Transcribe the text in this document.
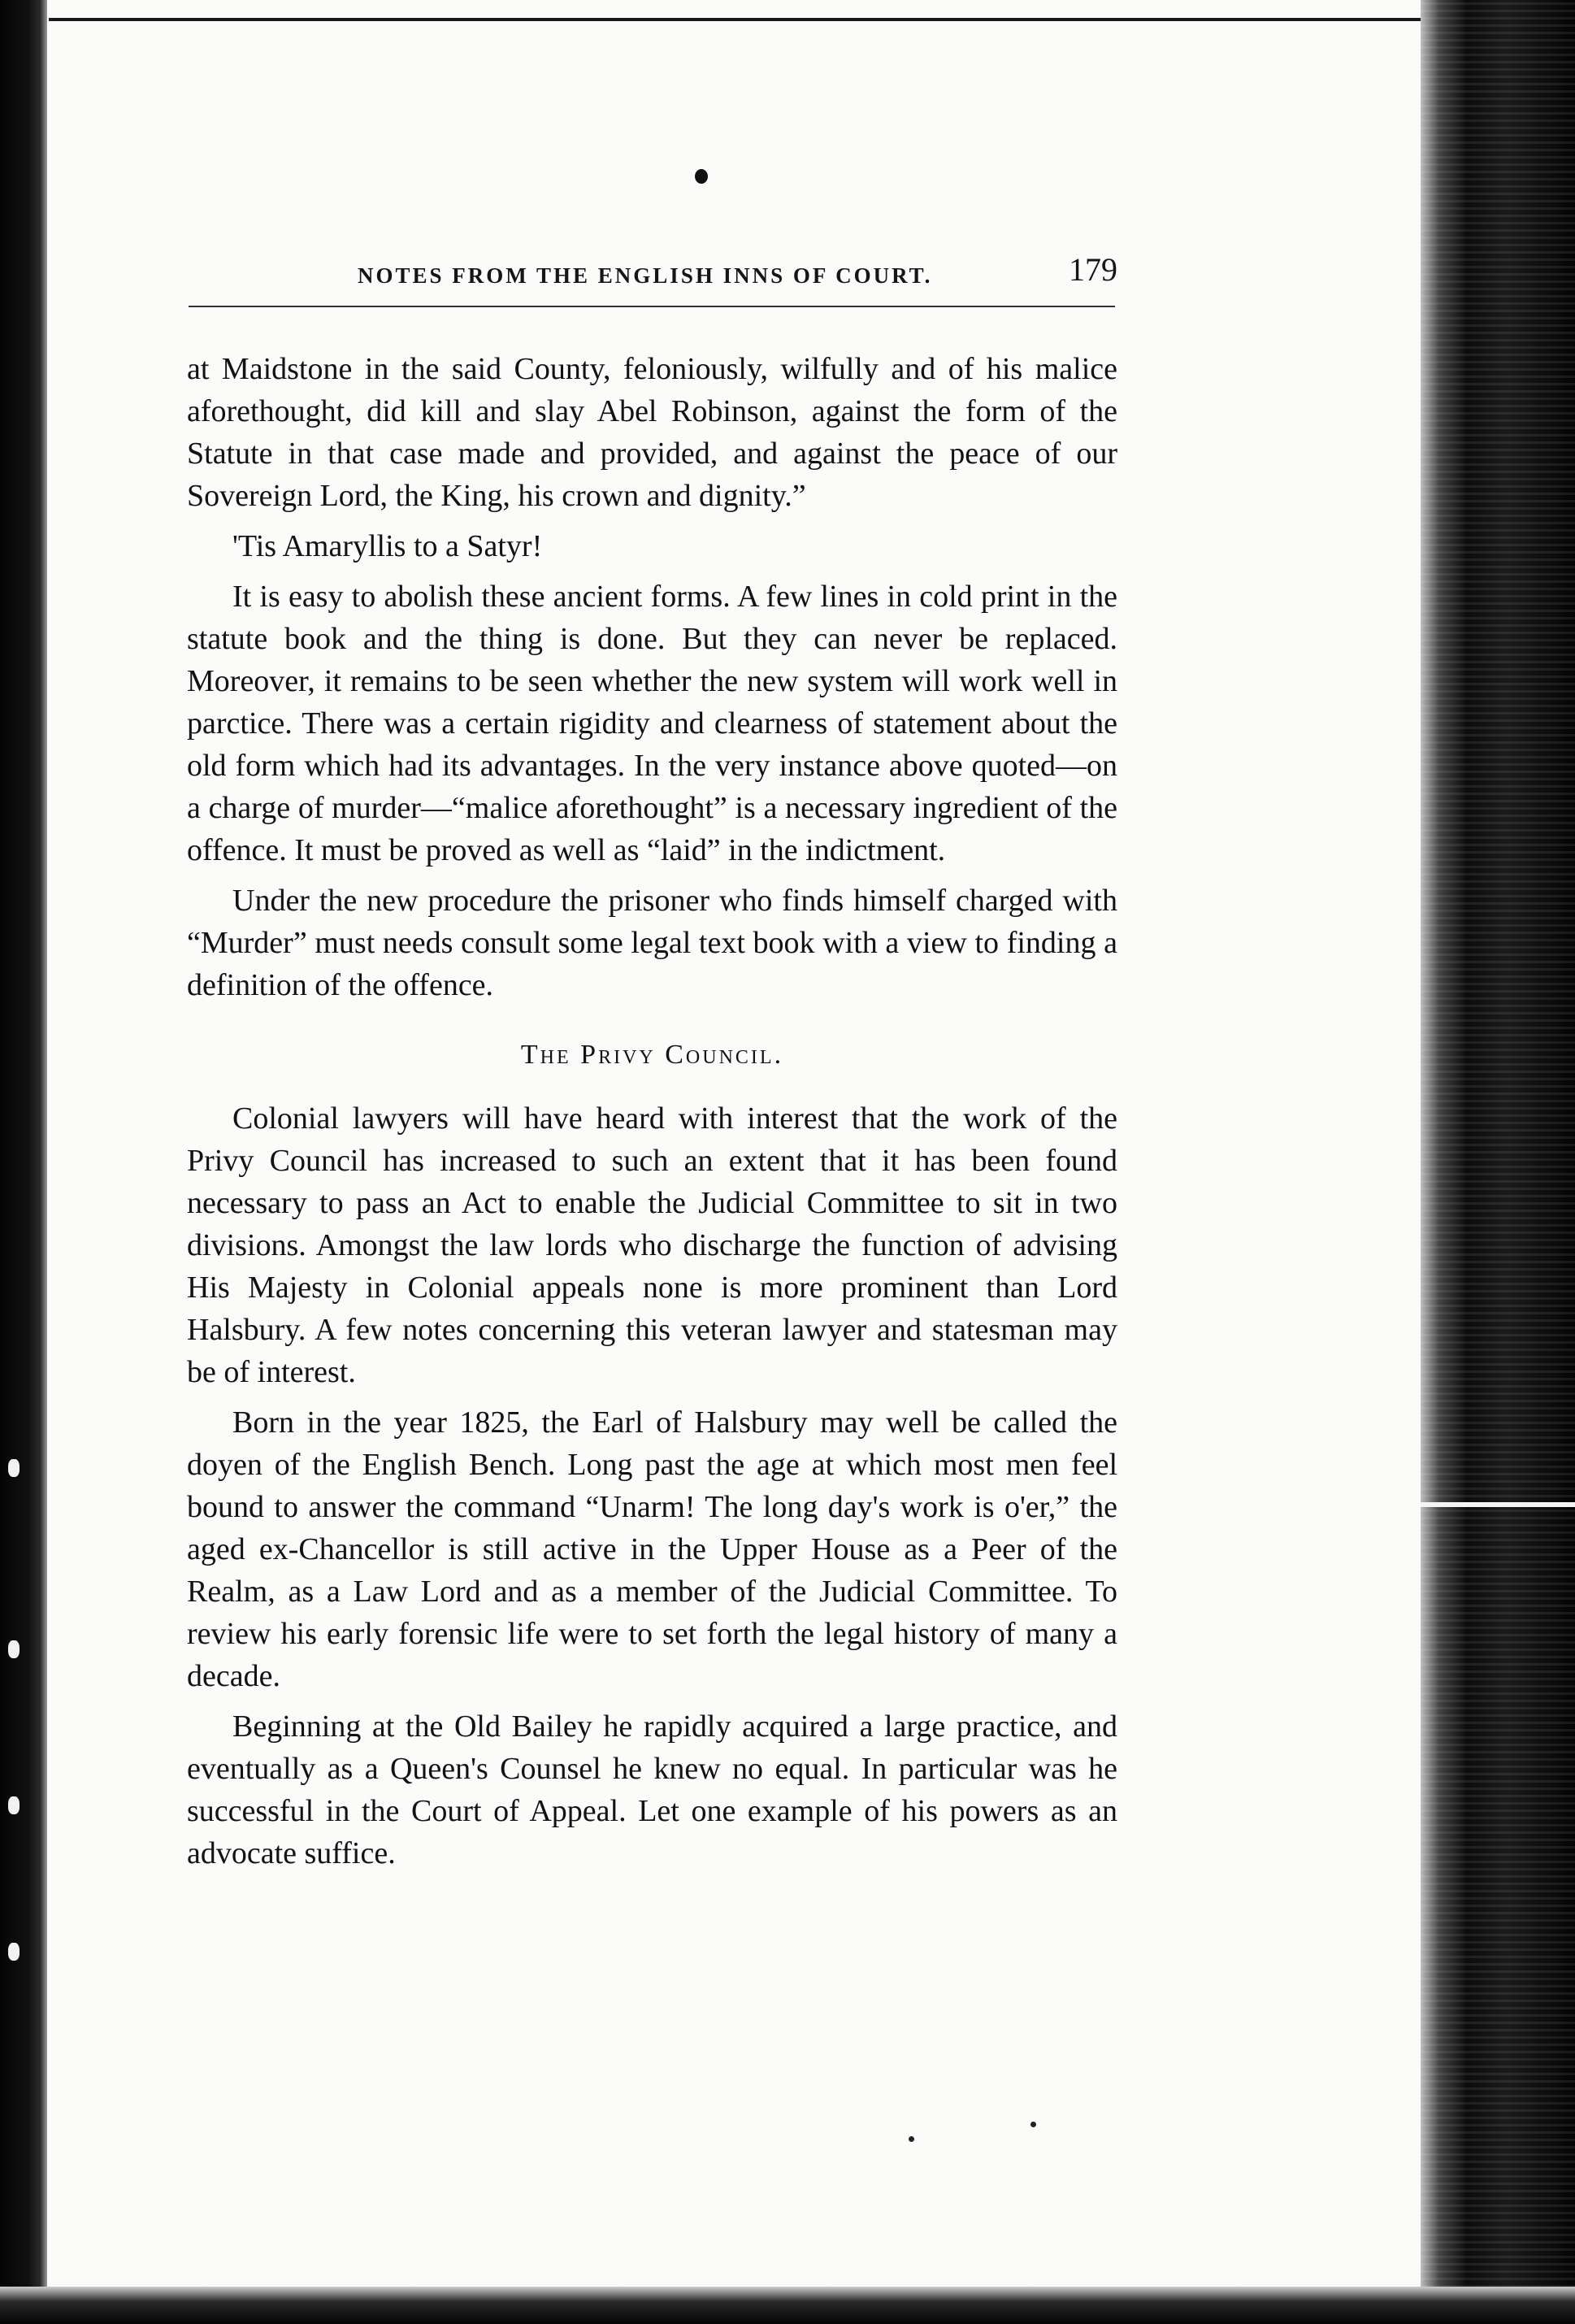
NOTES FROM THE ENGLISH INNS OF COURT.	179

at Maidstone in the said County, feloniously, wilfully and of his malice aforethought, did kill and slay Abel Robinson, against the form of the Statute in that case made and provided, and against the peace of our Sovereign Lord, the King, his crown and dignity.”

'Tis Amaryllis to a Satyr!

It is easy to abolish these ancient forms. A few lines in cold print in the statute book and the thing is done. But they can never be replaced. Moreover, it remains to be seen whether the new system will work well in parctice. There was a certain rigidity and clearness of statement about the old form which had its advantages. In the very instance above quoted—on a charge of murder—“malice aforethought” is a necessary ingredient of the offence. It must be proved as well as “laid” in the indictment.

Under the new procedure the prisoner who finds himself charged with “Murder” must needs consult some legal text book with a view to finding a definition of the offence.

The Privy Council.

Colonial lawyers will have heard with interest that the work of the Privy Council has increased to such an extent that it has been found necessary to pass an Act to enable the Judicial Committee to sit in two divisions. Amongst the law lords who discharge the function of advising His Majesty in Colonial appeals none is more prominent than Lord Halsbury. A few notes concerning this veteran lawyer and statesman may be of interest.

Born in the year 1825, the Earl of Halsbury may well be called the doyen of the English Bench. Long past the age at which most men feel bound to answer the command “Unarm! The long day's work is o'er,” the aged ex-Chancellor is still active in the Upper House as a Peer of the Realm, as a Law Lord and as a member of the Judicial Committee. To review his early forensic life were to set forth the legal history of many a decade.

Beginning at the Old Bailey he rapidly acquired a large practice, and eventually as a Queen's Counsel he knew no equal. In particular was he successful in the Court of Appeal. Let one example of his powers as an advocate suffice.
